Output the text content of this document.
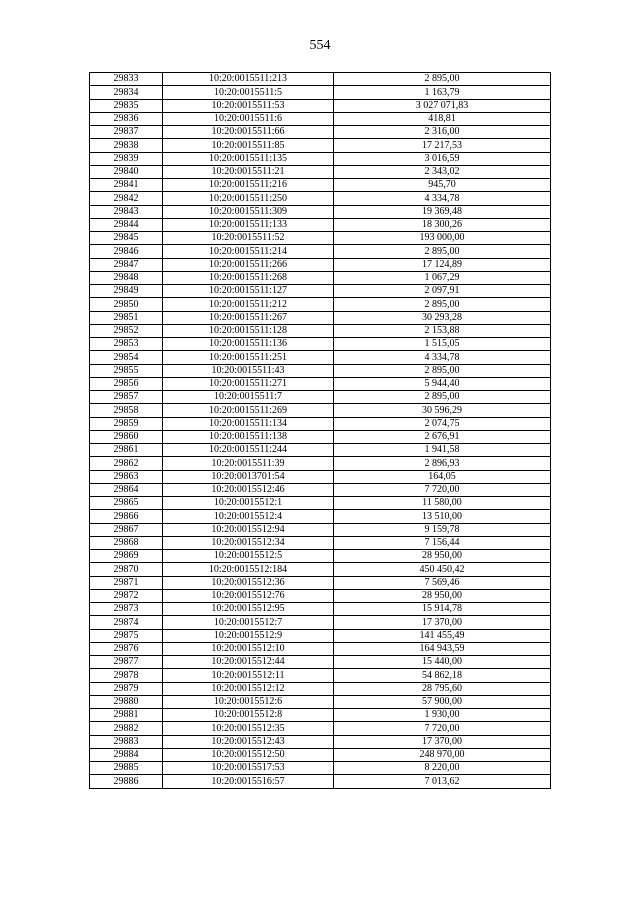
554
29833	10:20:0015511:213	2 895,00
29834	10:20:0015511:5	1 163,79
29835	10:20:0015511:53	3 027 071,83
29836	10:20:0015511:6	418,81
29837	10:20:0015511:66	2 316,00
29838	10:20:0015511:85	17 217,53
29839	10:20:0015511:135	3 016,59
29840	10:20:0015511:21	2 343,02
29841	10:20:0015511:216	945,70
29842	10:20:0015511:250	4 334,78
29843	10:20:0015511:309	19 369,48
29844	10:20:0015511:133	18 300,26
29845	10:20:0015511:52	193 000,00
29846	10:20:0015511:214	2 895,00
29847	10:20:0015511:266	17 124,89
29848	10:20:0015511:268	1 067,29
29849	10:20:0015511:127	2 097,91
29850	10:20:0015511:212	2 895,00
29851	10:20:0015511:267	30 293,28
29852	10:20:0015511:128	2 153,88
29853	10:20:0015511:136	1 515,05
29854	10:20:0015511:251	4 334,78
29855	10:20:0015511:43	2 895,00
29856	10:20:0015511:271	5 944,40
29857	10:20:0015511:7	2 895,00
29858	10:20:0015511:269	30 596,29
29859	10:20:0015511:134	2 074,75
29860	10:20:0015511:138	2 676,91
29861	10:20:0015511:244	1 941,58
29862	10:20:0015511:39	2 896,93
29863	10:20:0013701:54	164,05
29864	10:20:0015512:46	7 720,00
29865	10:20:0015512:1	11 580,00
29866	10:20:0015512:4	13 510,00
29867	10:20:0015512:94	9 159,78
29868	10:20:0015512:34	7 156,44
29869	10:20:0015512:5	28 950,00
29870	10:20:0015512:184	450 450,42
29871	10:20:0015512:36	7 569,46
29872	10:20:0015512:76	28 950,00
29873	10:20:0015512:95	15 914,78
29874	10:20:0015512:7	17 370,00
29875	10:20:0015512:9	141 455,49
29876	10:20:0015512:10	164 943,59
29877	10:20:0015512:44	15 440,00
29878	10:20:0015512:11	54 862,18
29879	10:20:0015512:12	28 795,60
29880	10:20:0015512:6	57 900,00
29881	10:20:0015512:8	1 930,00
29882	10:20:0015512:35	7 720,00
29883	10:20:0015512:43	17 370,00
29884	10:20:0015512:50	248 970,00
29885	10:20:0015517:53	8 220,00
29886	10:20:0015516:57	7 013,62
